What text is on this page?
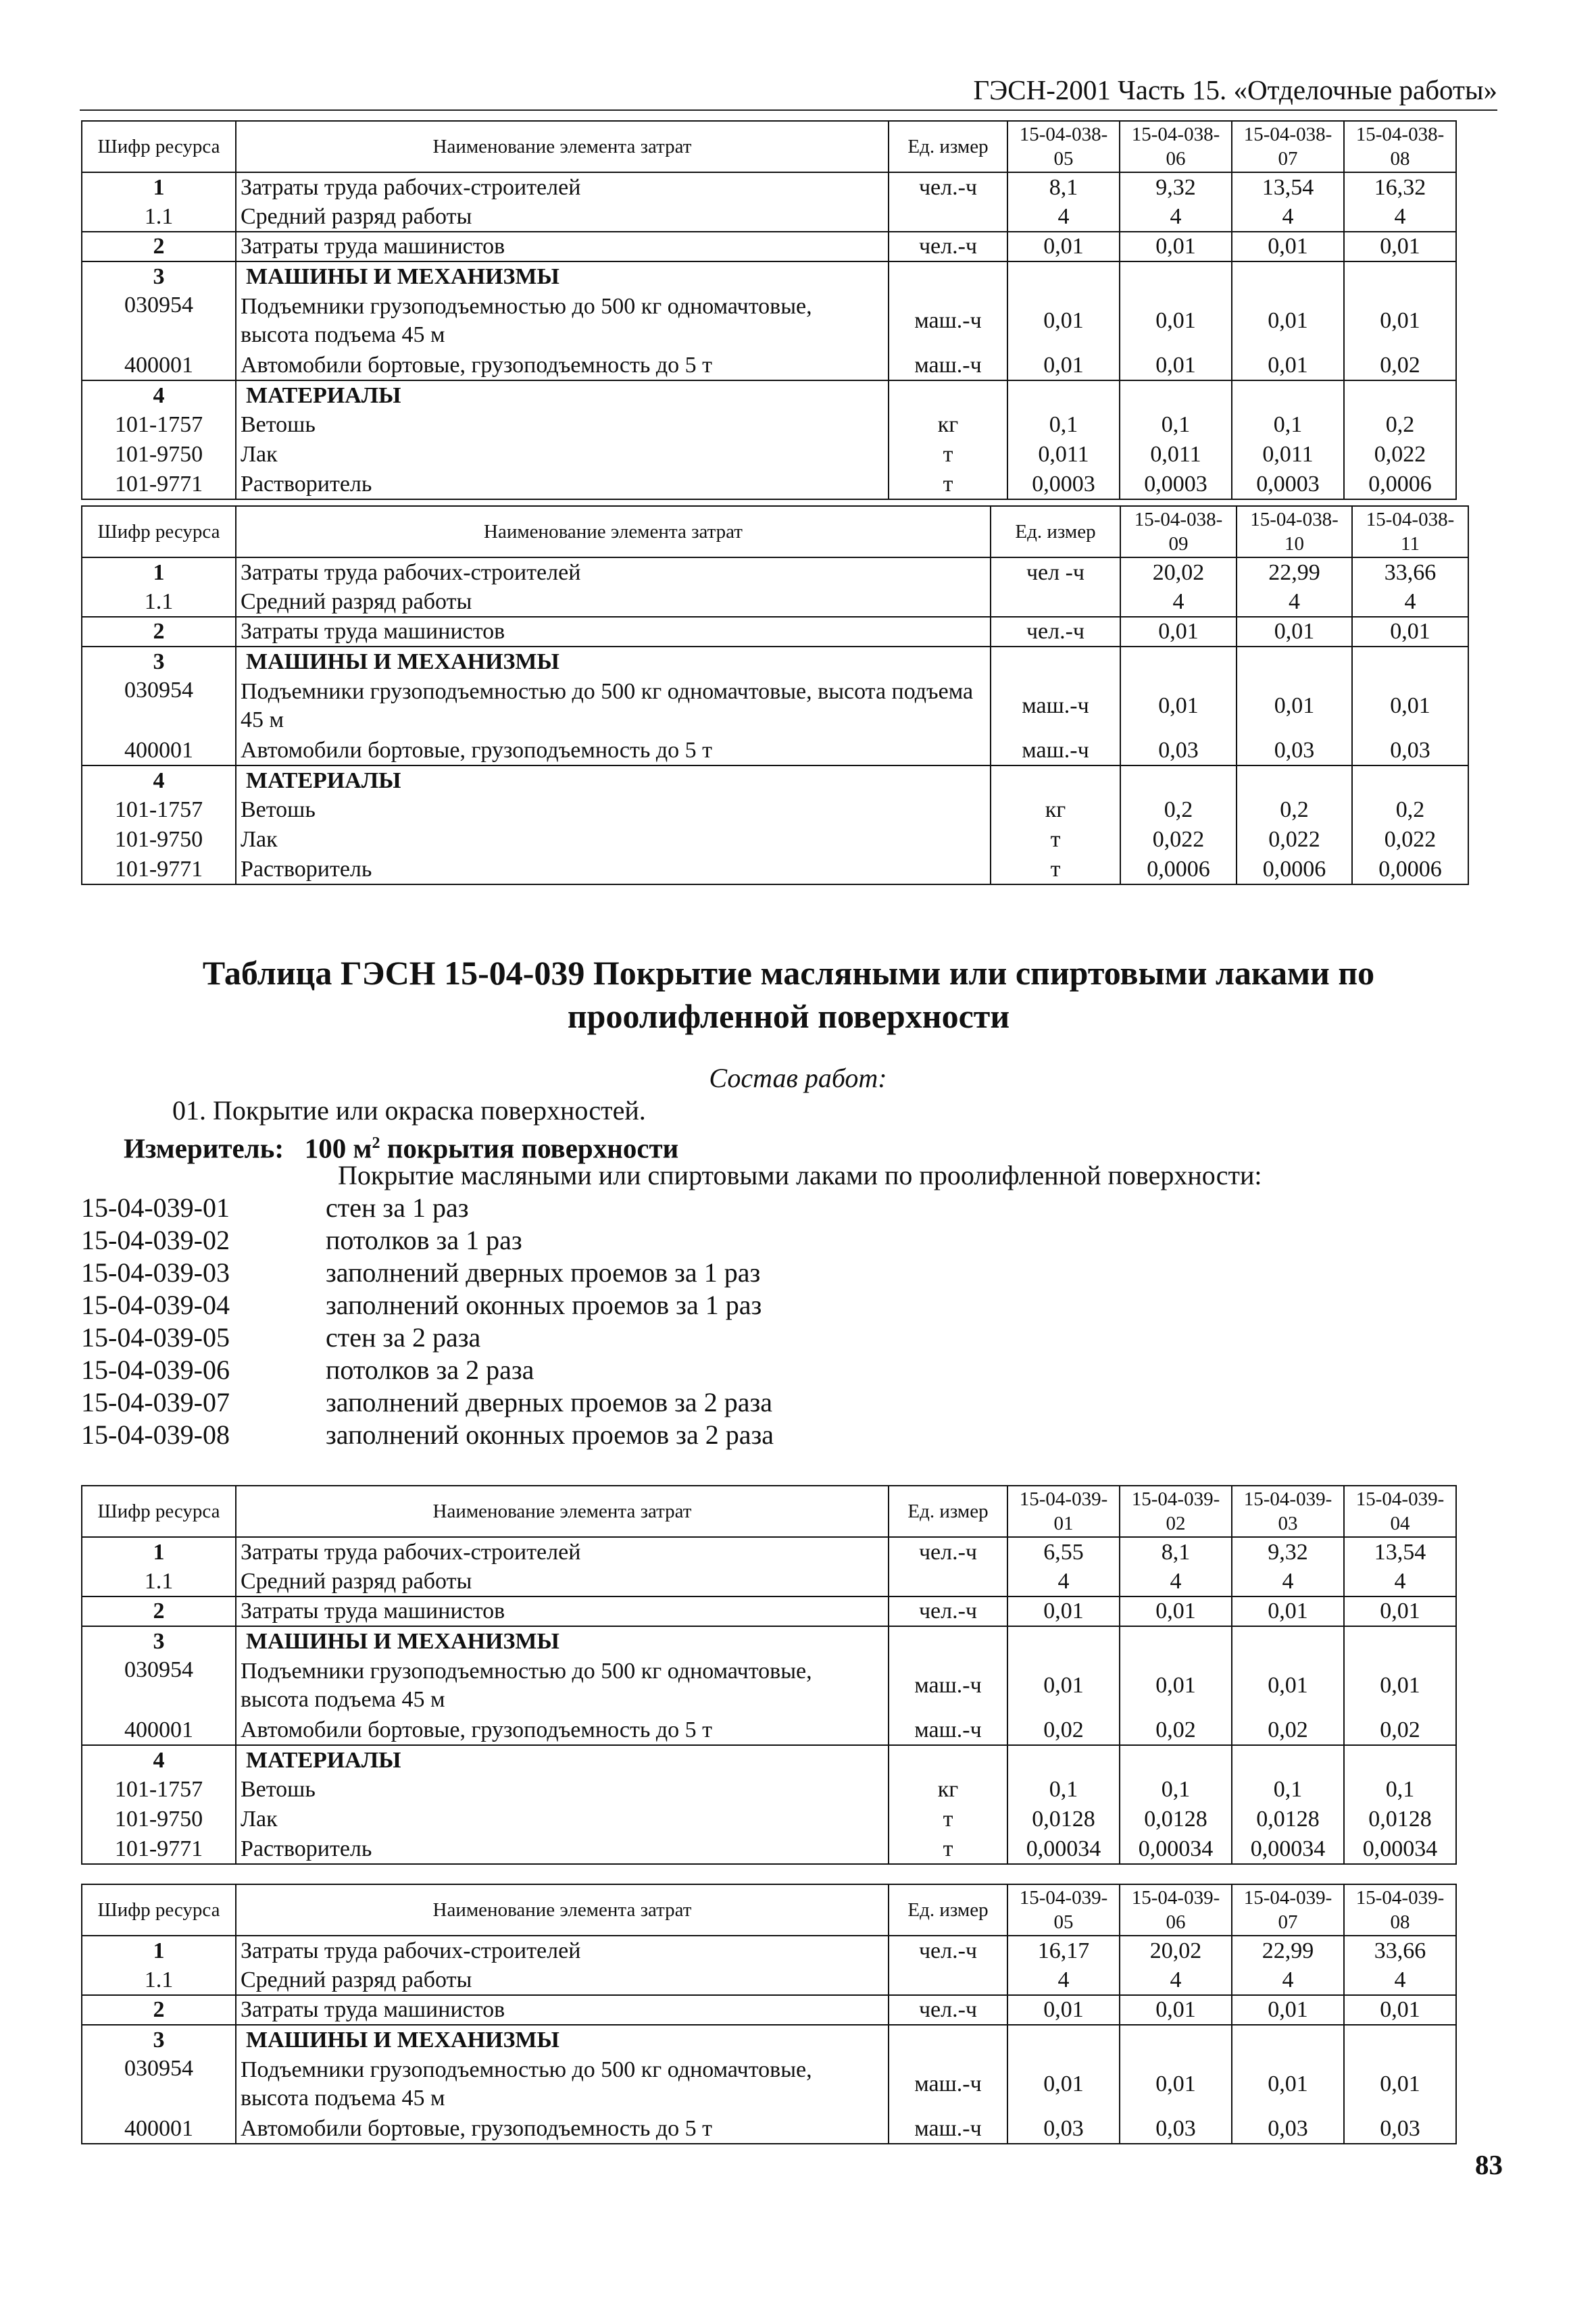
ГЭСН-2001 Часть 15. «Отделочные работы»
Шифр ресурса	Наименование элемента затрат	Ед. измер	15-04-038-05	15-04-038-06	15-04-038-07	15-04-038-08
1	Затраты труда рабочих-строителей	чел.-ч	8,1	9,32	13,54	16,32
1.1	Средний разряд работы		4	4	4	4
2	Затраты труда машинистов	чел.-ч	0,01	0,01	0,01	0,01
3	МАШИНЫ И МЕХАНИЗМЫ					
030954	Подъемники грузоподъемностью до 500 кг одномачтовые, высота подъема 45 м	маш.-ч	0,01	0,01	0,01	0,01
400001	Автомобили бортовые, грузоподъемность до 5 т	маш.-ч	0,01	0,01	0,01	0,02
4	МАТЕРИАЛЫ					
101-1757	Ветошь	кг	0,1	0,1	0,1	0,2
101-9750	Лак	т	0,011	0,011	0,011	0,022
101-9771	Растворитель	т	0,0003	0,0003	0,0003	0,0006
Шифр ресурса	Наименование элемента затрат	Ед. измер	15-04-038-09	15-04-038-10	15-04-038-11
1	Затраты труда рабочих-строителей	чел -ч	20,02	22,99	33,66
1.1	Средний разряд работы		4	4	4
2	Затраты труда машинистов	чел.-ч	0,01	0,01	0,01
3	МАШИНЫ И МЕХАНИЗМЫ				
030954	Подъемники грузоподъемностью до 500 кг одномачтовые, высота подъема 45 м	маш.-ч	0,01	0,01	0,01
400001	Автомобили бортовые, грузоподъемность до 5 т	маш.-ч	0,03	0,03	0,03
4	МАТЕРИАЛЫ				
101-1757	Ветошь	кг	0,2	0,2	0,2
101-9750	Лак	т	0,022	0,022	0,022
101-9771	Растворитель	т	0,0006	0,0006	0,0006
Шифр ресурса	Наименование элемента затрат	Ед. измер	15-04-039-01	15-04-039-02	15-04-039-03	15-04-039-04
1	Затраты труда рабочих-строителей	чел.-ч	6,55	8,1	9,32	13,54
1.1	Средний разряд работы		4	4	4	4
2	Затраты труда машинистов	чел.-ч	0,01	0,01	0,01	0,01
3	МАШИНЫ И МЕХАНИЗМЫ					
030954	Подъемники грузоподъемностью до 500 кг одномачтовые, высота подъема 45 м	маш.-ч	0,01	0,01	0,01	0,01
400001	Автомобили бортовые, грузоподъемность до 5 т	маш.-ч	0,02	0,02	0,02	0,02
4	МАТЕРИАЛЫ					
101-1757	Ветошь	кг	0,1	0,1	0,1	0,1
101-9750	Лак	т	0,0128	0,0128	0,0128	0,0128
101-9771	Растворитель	т	0,00034	0,00034	0,00034	0,00034
Шифр ресурса	Наименование элемента затрат	Ед. измер	15-04-039-05	15-04-039-06	15-04-039-07	15-04-039-08
1	Затраты труда рабочих-строителей	чел.-ч	16,17	20,02	22,99	33,66
1.1	Средний разряд работы		4	4	4	4
2	Затраты труда машинистов	чел.-ч	0,01	0,01	0,01	0,01
3	МАШИНЫ И МЕХАНИЗМЫ					
030954	Подъемники грузоподъемностью до 500 кг одномачтовые, высота подъема 45 м	маш.-ч	0,01	0,01	0,01	0,01
400001	Автомобили бортовые, грузоподъемность до 5 т	маш.-ч	0,03	0,03	0,03	0,03
Таблица ГЭСН 15-04-039 Покрытие масляными или спиртовыми лаками по проолифленной поверхности
Состав работ:
01. Покрытие или окраска поверхностей.
Измеритель: 100 $м^2$ покрытия поверхности
Покрытие масляными или спиртовыми лаками по проолифленной поверхности:
15-04-039-01	стен за 1 раз
15-04-039-02	потолков за 1 раз
15-04-039-03	заполнений дверных проемов за 1 раз
15-04-039-04	заполнений оконных проемов за 1 раз
15-04-039-05	стен за 2 раза
15-04-039-06	потолков за 2 раза
15-04-039-07	заполнений дверных проемов за 2 раза
15-04-039-08	заполнений оконных проемов за 2 раза
83
